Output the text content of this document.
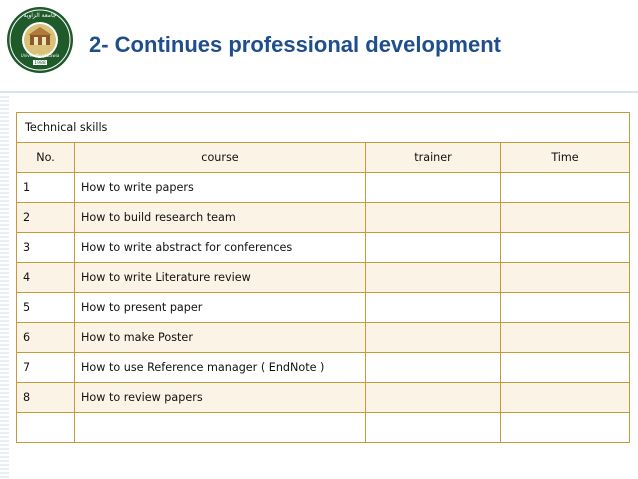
1988
جامعة الزاوية
University of Zawia 2- Continues professional development
Technical skills			
No.	course	trainer	Time
1	How to write papers		
2	How to build research team		
3	How to write abstract for conferences		
4	How to write Literature review		
5	How to present paper		
6	How to make Poster		
7	How to use Reference manager ( EndNote )		
8	How to review papers		
